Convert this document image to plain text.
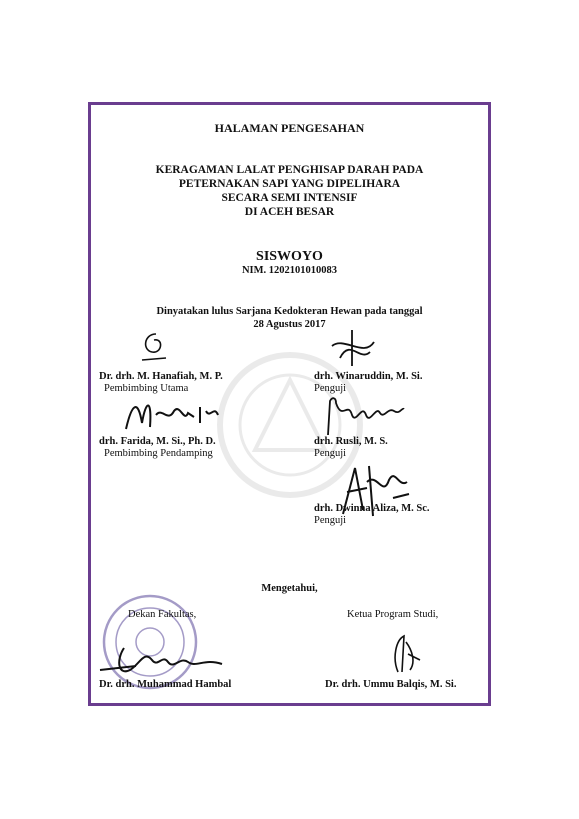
HALAMAN PENGESAHAN
KERAGAMAN LALAT PENGHISAP DARAH PADA
PETERNAKAN SAPI YANG DIPELIHARA
SECARA SEMI INTENSIF
DI ACEH BESAR
SISWOYO
NIM. 1202101010083
Dinyatakan lulus Sarjana Kedokteran Hewan pada tanggal
28 Agustus 2017
Dr. drh. M. Hanafiah, M. P.
Pembimbing Utama
drh. Winaruddin, M. Si.
Penguji
drh. Farida, M. Si., Ph. D.
Pembimbing Pendamping
drh. Rusli, M. S.
Penguji
drh. Dwinna Aliza, M. Sc.
Penguji
Mengetahui,
Dekan Fakultas,	Ketua Program Studi,
Dr. drh. Muhammad Hambal	Dr. drh. Ummu Balqis, M. Si.
